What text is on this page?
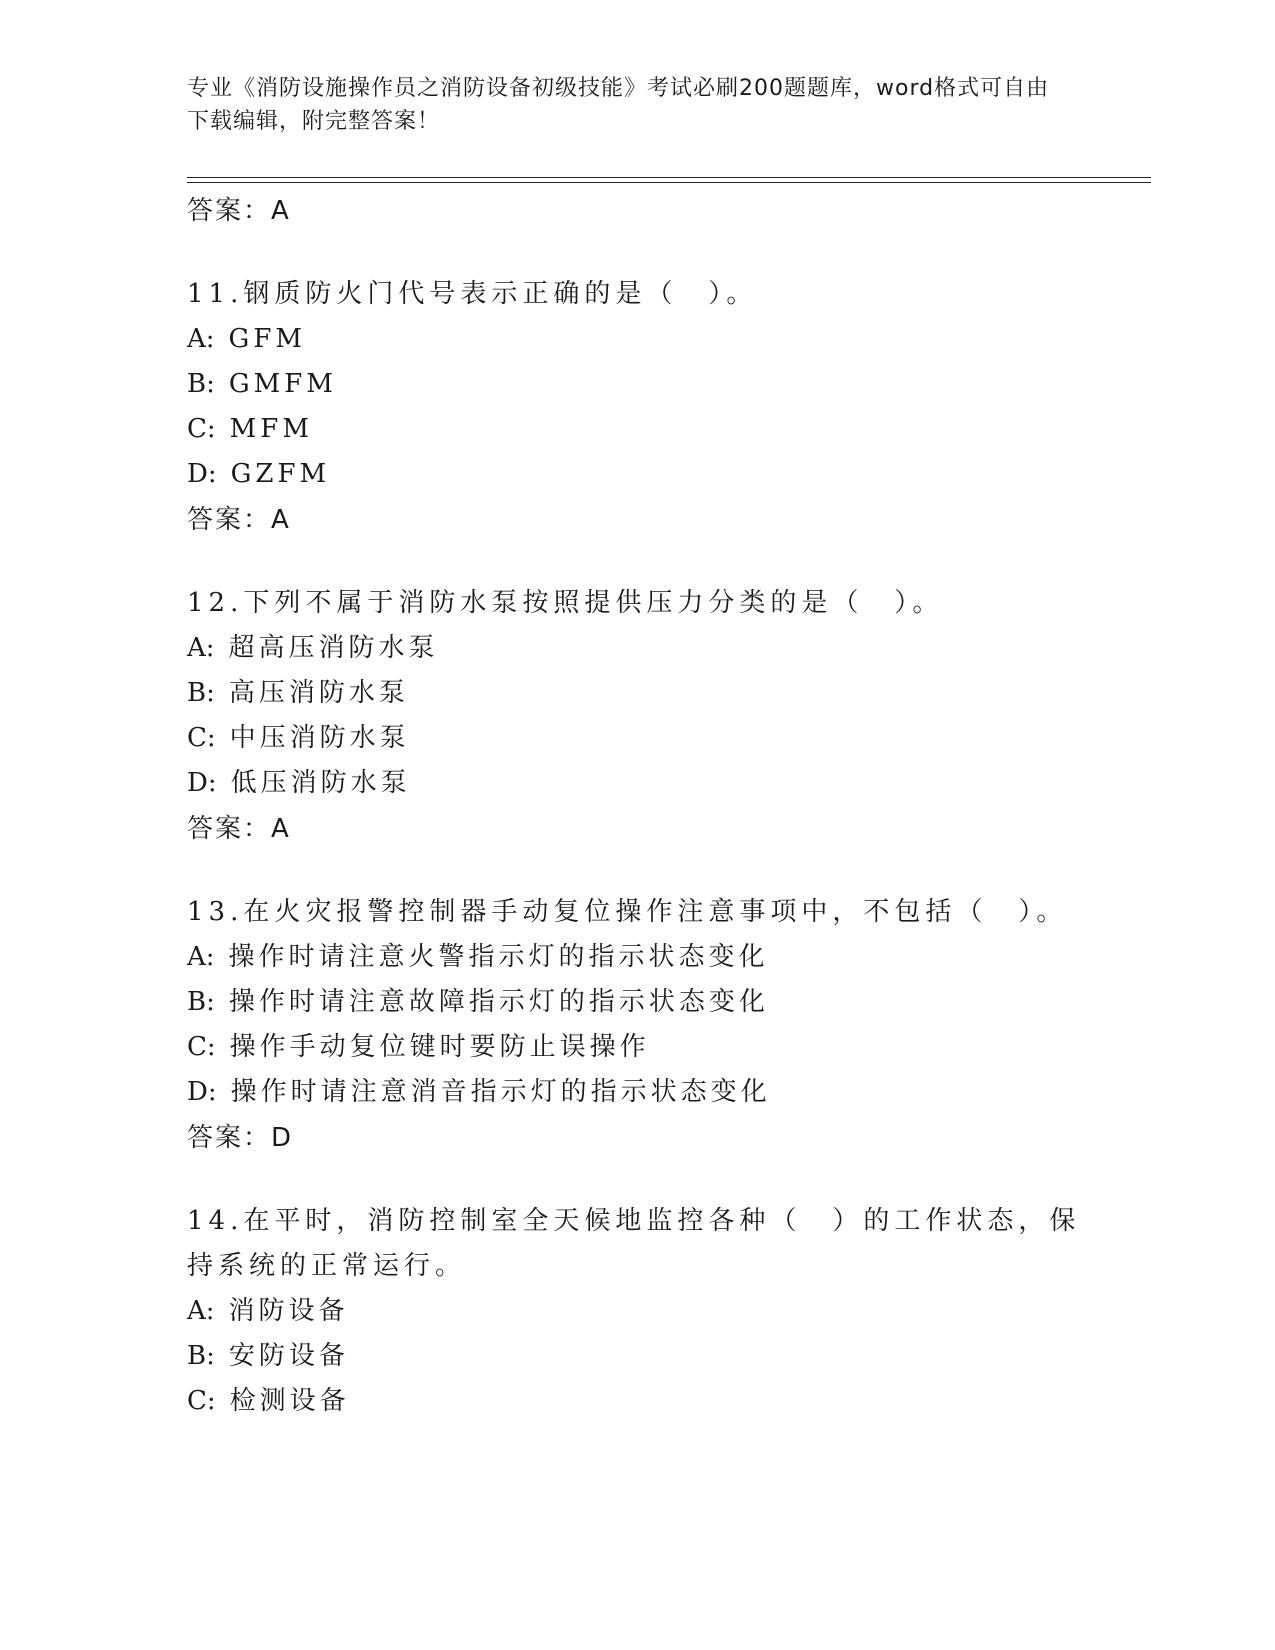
专业《消防设施操作员之消防设备初级技能》考试必刷200题题库，word格式可自由下载编辑，附完整答案！
答案：A
11.钢质防火门代号表示正确的是（　）。
A: GFM
B: GMFM
C: MFM
D: GZFM
答案：A
12.下列不属于消防水泵按照提供压力分类的是（　）。
A: 超高压消防水泵
B: 高压消防水泵
C: 中压消防水泵
D: 低压消防水泵
答案：A
13.在火灾报警控制器手动复位操作注意事项中，不包括（　）。
A: 操作时请注意火警指示灯的指示状态变化
B: 操作时请注意故障指示灯的指示状态变化
C: 操作手动复位键时要防止误操作
D: 操作时请注意消音指示灯的指示状态变化
答案：D
14.在平时，消防控制室全天候地监控各种（　）的工作状态，保持系统的正常运行。
A: 消防设备
B: 安防设备
C: 检测设备
